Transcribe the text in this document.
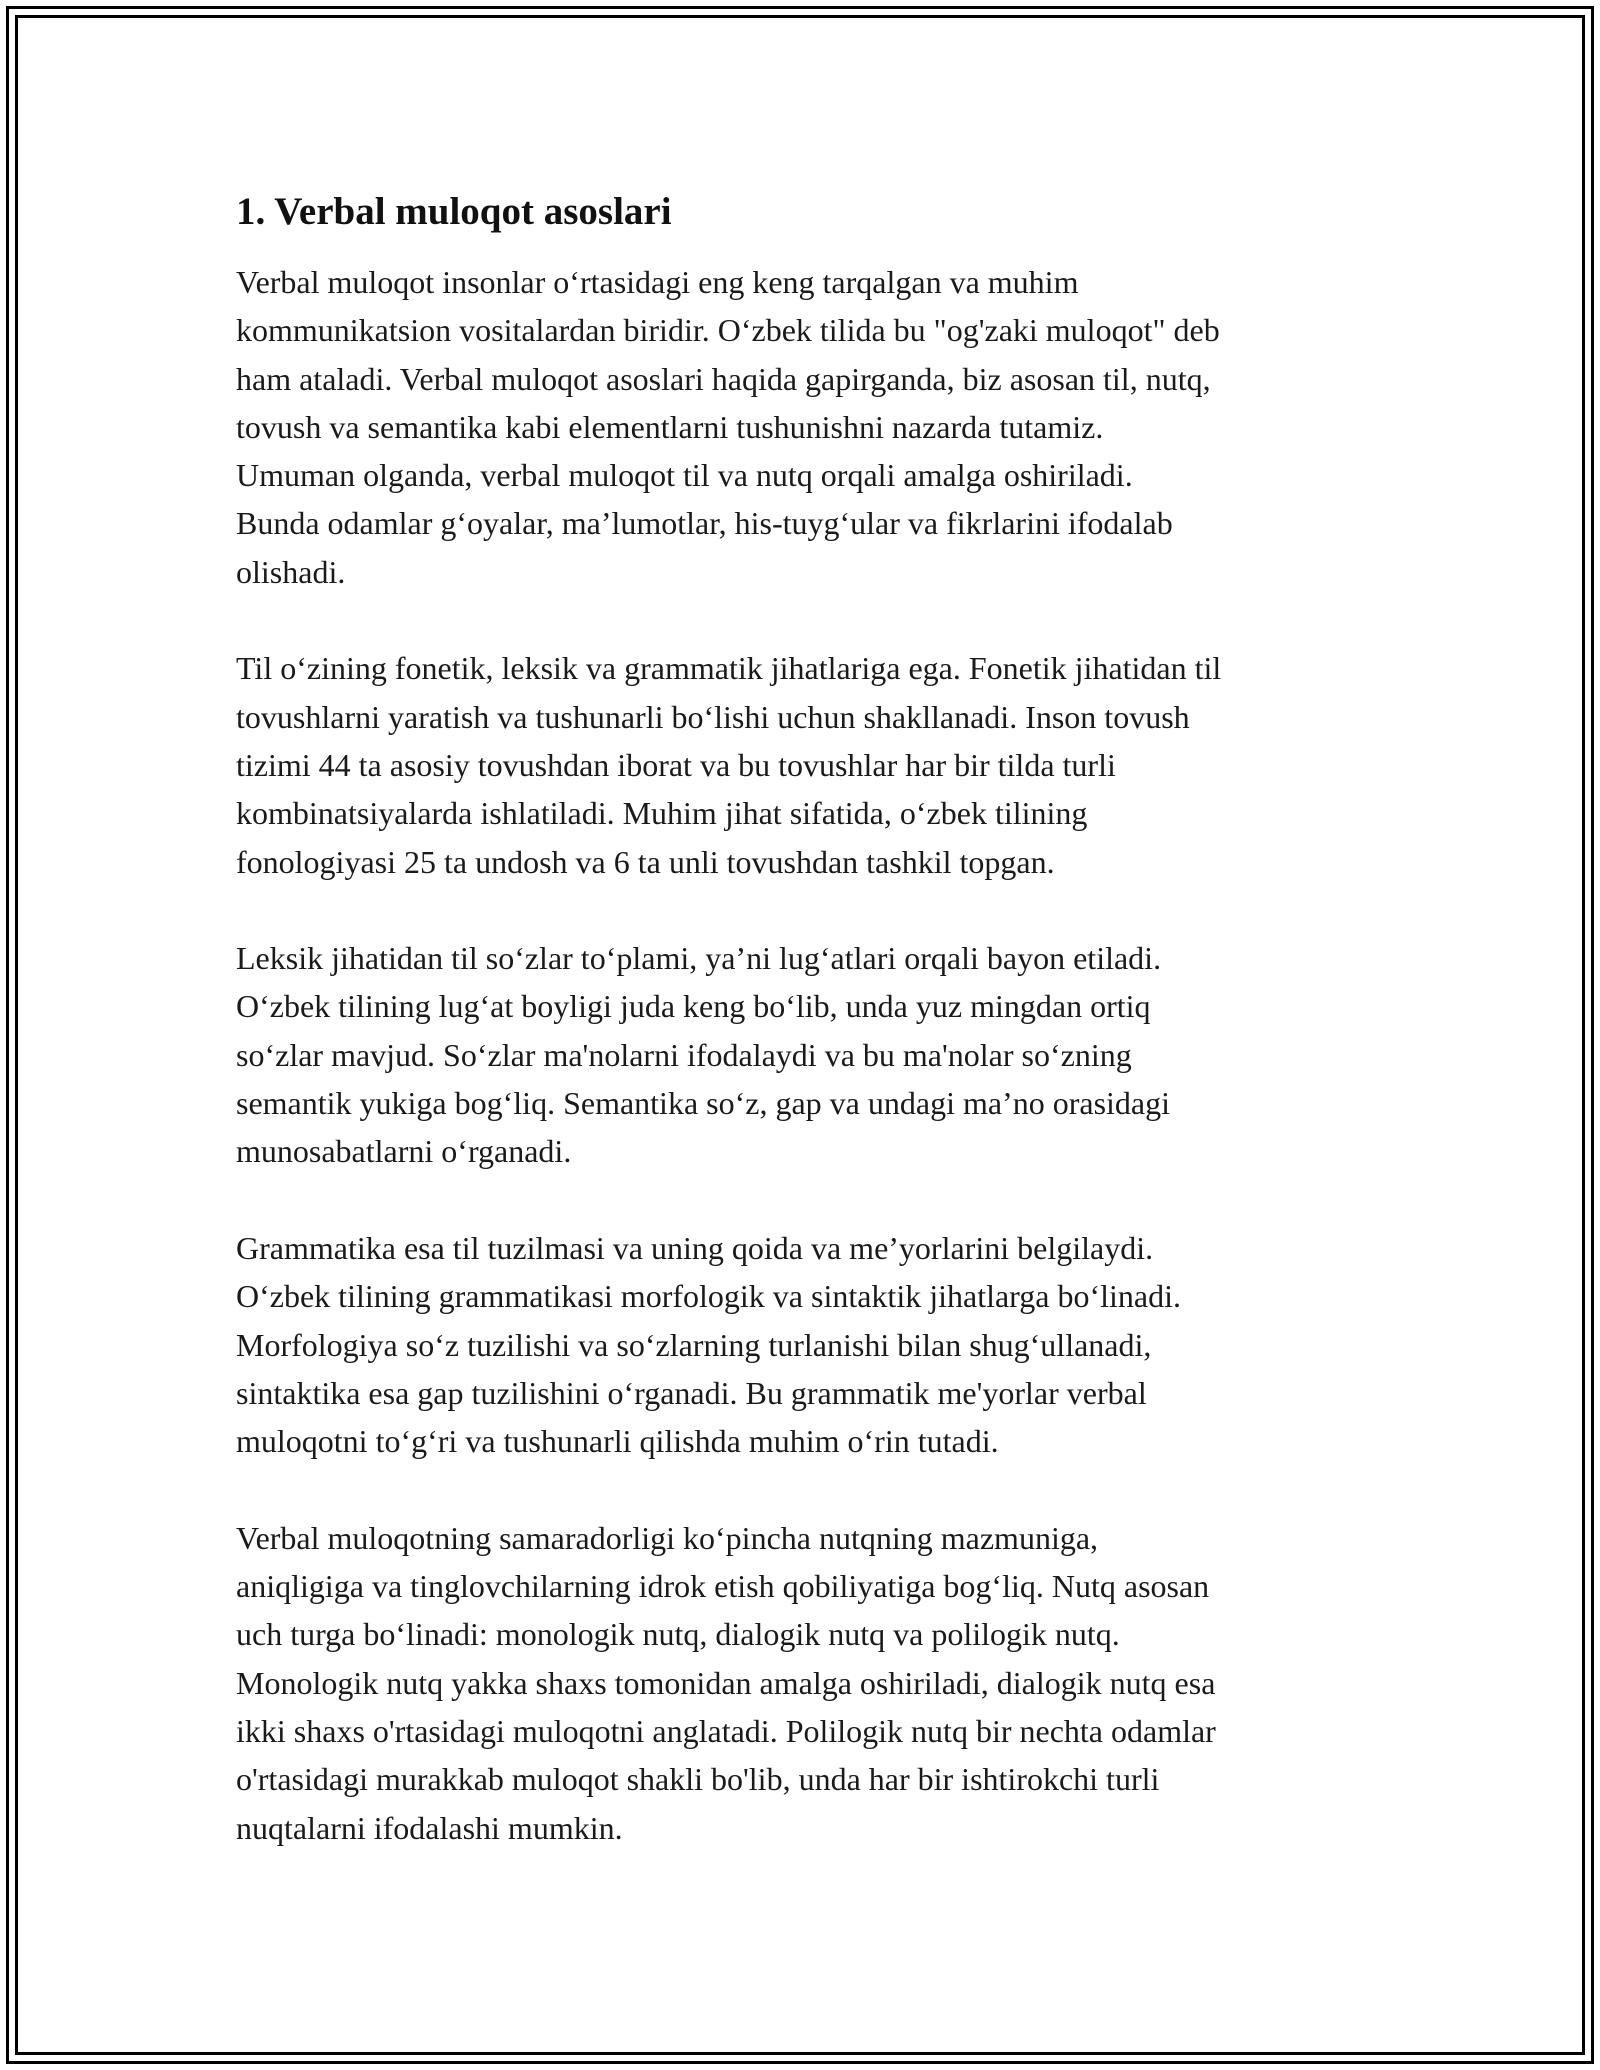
1. Verbal muloqot asoslari

Verbal muloqot insonlar o‘rtasidagi eng keng tarqalgan va muhim
kommunikatsion vositalardan biridir. O‘zbek tilida bu "og'zaki muloqot" deb
ham ataladi. Verbal muloqot asoslari haqida gapirganda, biz asosan til, nutq,
tovush va semantika kabi elementlarni tushunishni nazarda tutamiz.
Umuman olganda, verbal muloqot til va nutq orqali amalga oshiriladi.
Bunda odamlar g‘oyalar, ma’lumotlar, his-tuyg‘ular va fikrlarini ifodalab
olishadi.

Til o‘zining fonetik, leksik va grammatik jihatlariga ega. Fonetik jihatidan til
tovushlarni yaratish va tushunarli bo‘lishi uchun shakllanadi. Inson tovush
tizimi 44 ta asosiy tovushdan iborat va bu tovushlar har bir tilda turli
kombinatsiyalarda ishlatiladi. Muhim jihat sifatida, o‘zbek tilining
fonologiyasi 25 ta undosh va 6 ta unli tovushdan tashkil topgan.

Leksik jihatidan til so‘zlar to‘plami, ya’ni lug‘atlari orqali bayon etiladi.
O‘zbek tilining lug‘at boyligi juda keng bo‘lib, unda yuz mingdan ortiq
so‘zlar mavjud. So‘zlar ma'nolarni ifodalaydi va bu ma'nolar so‘zning
semantik yukiga bog‘liq. Semantika so‘z, gap va undagi ma’no orasidagi
munosabatlarni o‘rganadi.

Grammatika esa til tuzilmasi va uning qoida va me’yorlarini belgilaydi.
O‘zbek tilining grammatikasi morfologik va sintaktik jihatlarga bo‘linadi.
Morfologiya so‘z tuzilishi va so‘zlarning turlanishi bilan shug‘ullanadi,
sintaktika esa gap tuzilishini o‘rganadi. Bu grammatik me'yorlar verbal
muloqotni to‘g‘ri va tushunarli qilishda muhim o‘rin tutadi.

Verbal muloqotning samaradorligi ko‘pincha nutqning mazmuniga,
aniqligiga va tinglovchilarning idrok etish qobiliyatiga bog‘liq. Nutq asosan
uch turga bo‘linadi: monologik nutq, dialogik nutq va polilogik nutq.
Monologik nutq yakka shaxs tomonidan amalga oshiriladi, dialogik nutq esa
ikki shaxs o'rtasidagi muloqotni anglatadi. Polilogik nutq bir nechta odamlar
o'rtasidagi murakkab muloqot shakli bo'lib, unda har bir ishtirokchi turli
nuqtalarni ifodalashi mumkin.
